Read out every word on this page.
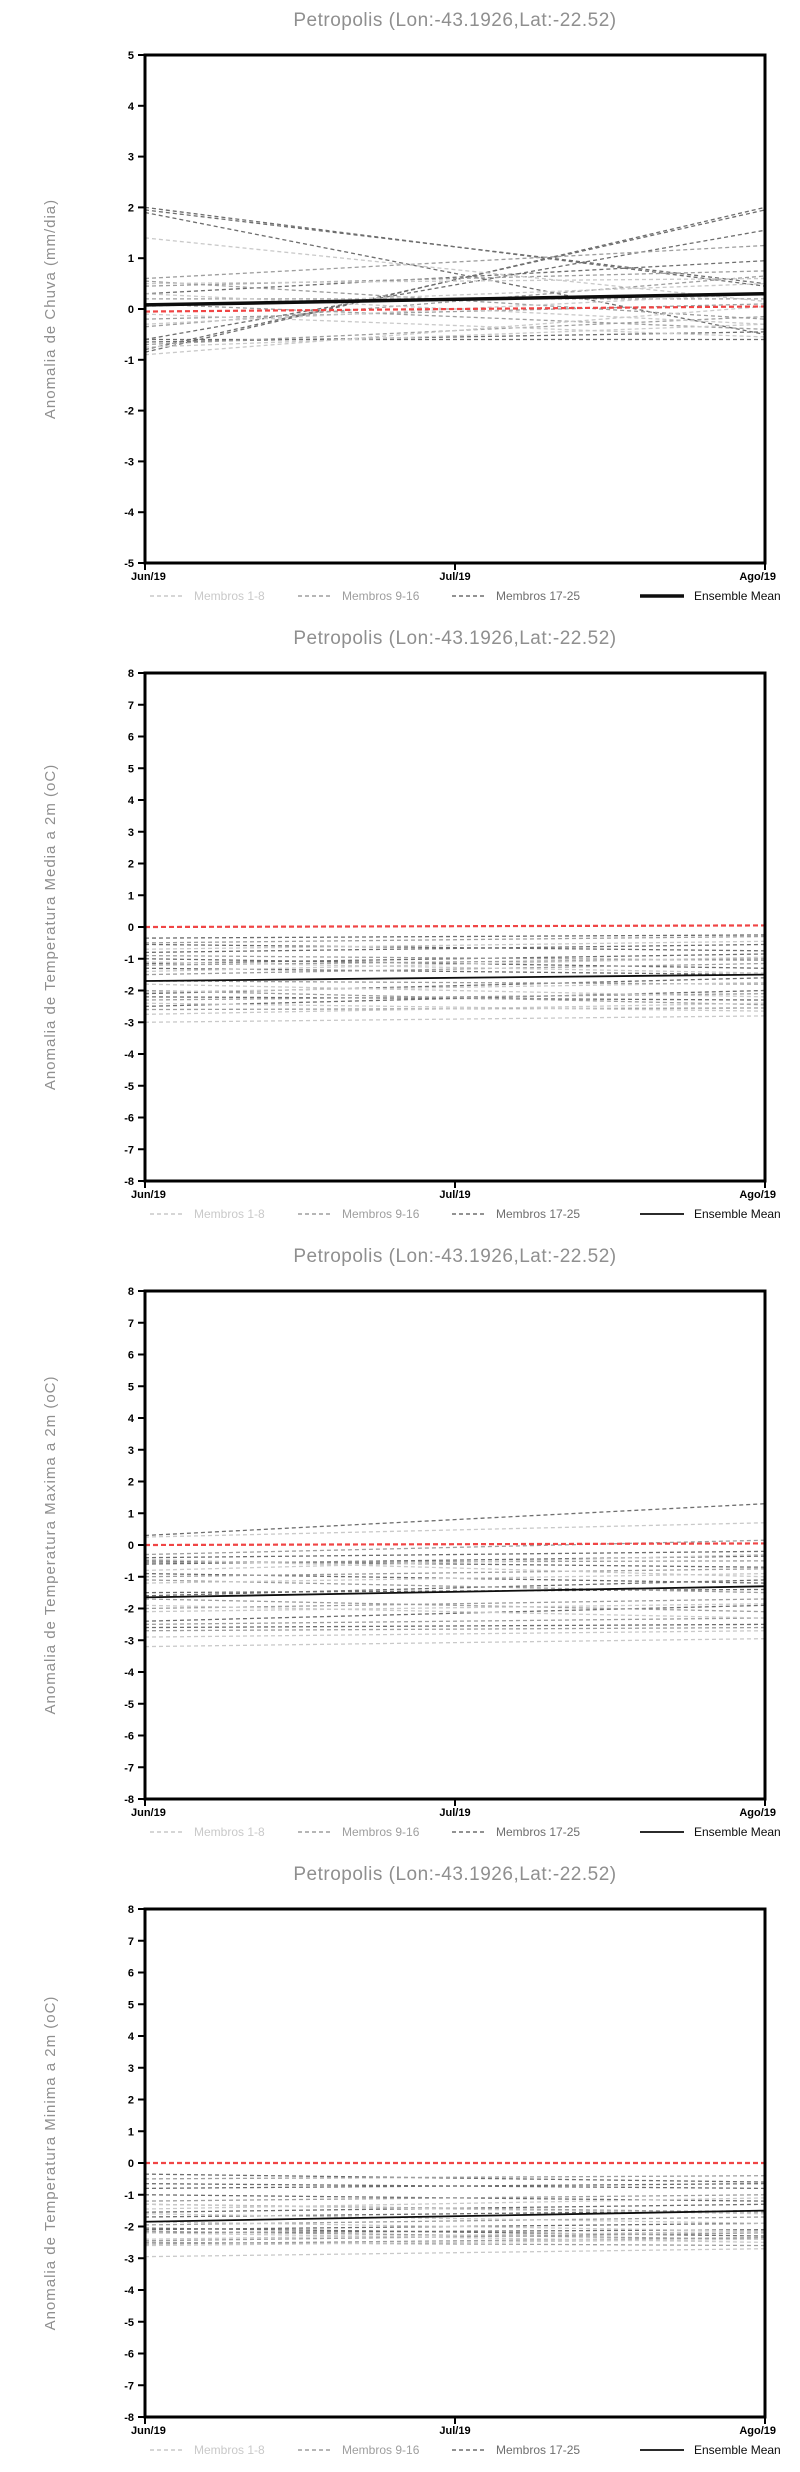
Petropolis (Lon:-43.1926,Lat:-22.52)
Anomalia de Chuva (mm/dia)
-5
-4
-3
-2
-1
0
1
2
3
4
5
Jun/19	Jul/19	Ago/19
Membros 1-8	Membros 9-16	Membros 17-25	Ensemble Mean
Petropolis (Lon:-43.1926,Lat:-22.52)
Anomalia de Temperatura Media a 2m (oC)
-8
-7
-6
-5
-4
-3
-2
-1
0
1
2
3
4
5
6
7
8
Jun/19	Jul/19	Ago/19
Membros 1-8	Membros 9-16	Membros 17-25	Ensemble Mean
Petropolis (Lon:-43.1926,Lat:-22.52)
Anomalia de Temperatura Maxima a 2m (oC)
-8
-7
-6
-5
-4
-3
-2
-1
0
1
2
3
4
5
6
7
8
Jun/19	Jul/19	Ago/19
Membros 1-8	Membros 9-16	Membros 17-25	Ensemble Mean
Petropolis (Lon:-43.1926,Lat:-22.52)
Anomalia de Temperatura Minima a 2m (oC)
-8
-7
-6
-5
-4
-3
-2
-1
0
1
2
3
4
5
6
7
8
Jun/19	Jul/19	Ago/19
Membros 1-8	Membros 9-16	Membros 17-25	Ensemble Mean
